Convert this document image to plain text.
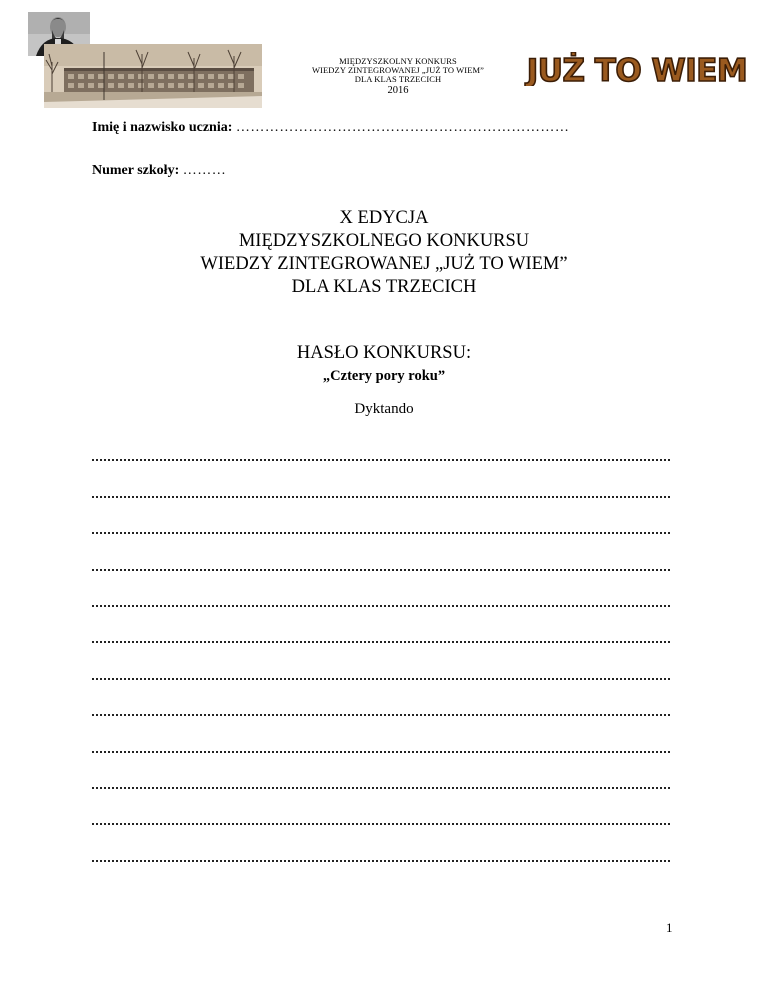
MIĘDZYSZKOLNY KONKURS
WIEDZY ZINTEGROWANEJ „JUŻ TO WIEM”
DLA KLAS TRZECICH
2016
JUŻ TO WIEM
Imię i nazwisko ucznia: ……………………………………………………………
Numer szkoły: ………
X EDYCJA
MIĘDZYSZKOLNEGO KONKURSU
WIEDZY ZINTEGROWANEJ „JUŻ TO WIEM”
DLA KLAS TRZECICH
HASŁO KONKURSU:
„Cztery pory roku”
Dyktando
1
